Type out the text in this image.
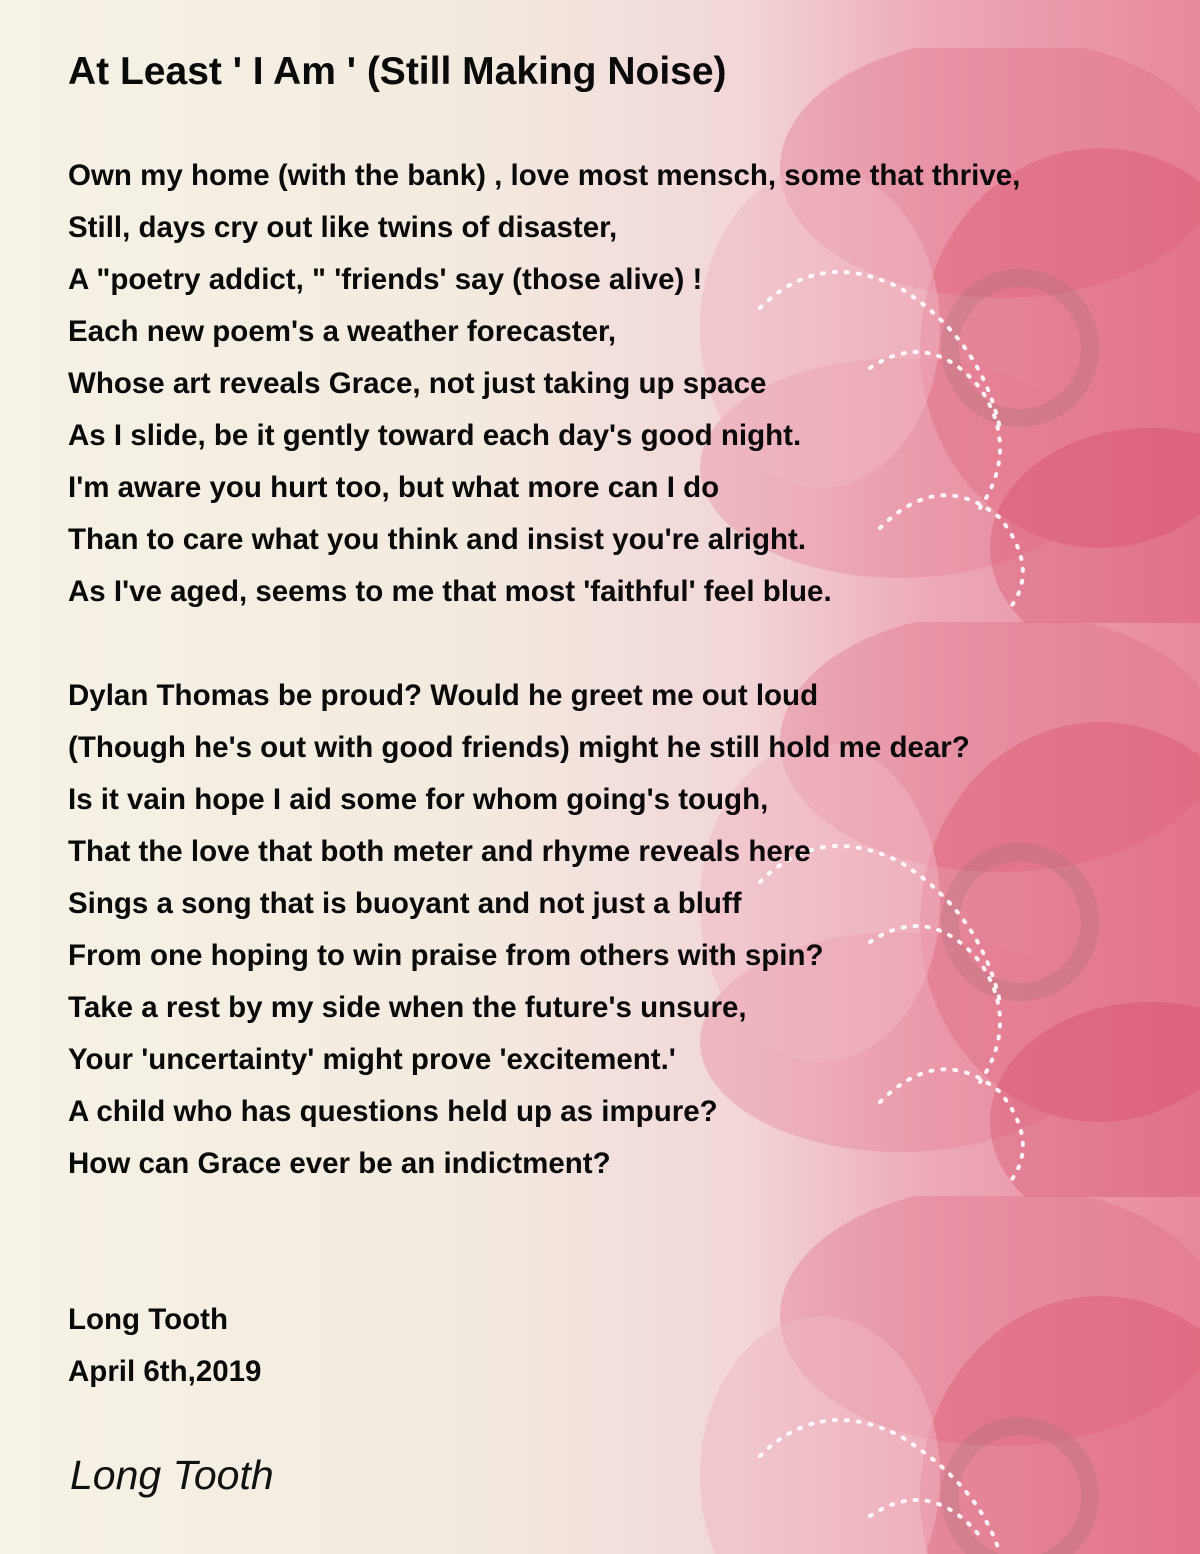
At Least ' I Am ' (Still Making Noise)
Own my home (with the bank) , love most mensch, some that thrive,
Still, days cry out like twins of disaster,
A "poetry addict, " 'friends' say (those alive) !
Each new poem's a weather forecaster,
Whose art reveals Grace, not just taking up space
As I slide, be it gently toward each day's good night.
I'm aware you hurt too, but what more can I do
Than to care what you think and insist you're alright.
As I've aged, seems to me that most 'faithful' feel blue.
Dylan Thomas be proud? Would he greet me out loud
(Though he's out with good friends) might he still hold me dear?
Is it vain hope I aid some for whom going's tough,
That the love that both meter and rhyme reveals here
Sings a song that is buoyant and not just a bluff
From one hoping to win praise from others with spin?
Take a rest by my side when the future's unsure,
Your 'uncertainty' might prove 'excitement.'
A child who has questions held up as impure?
How can Grace ever be an indictment?
Long Tooth
April 6th,2019
Long Tooth
